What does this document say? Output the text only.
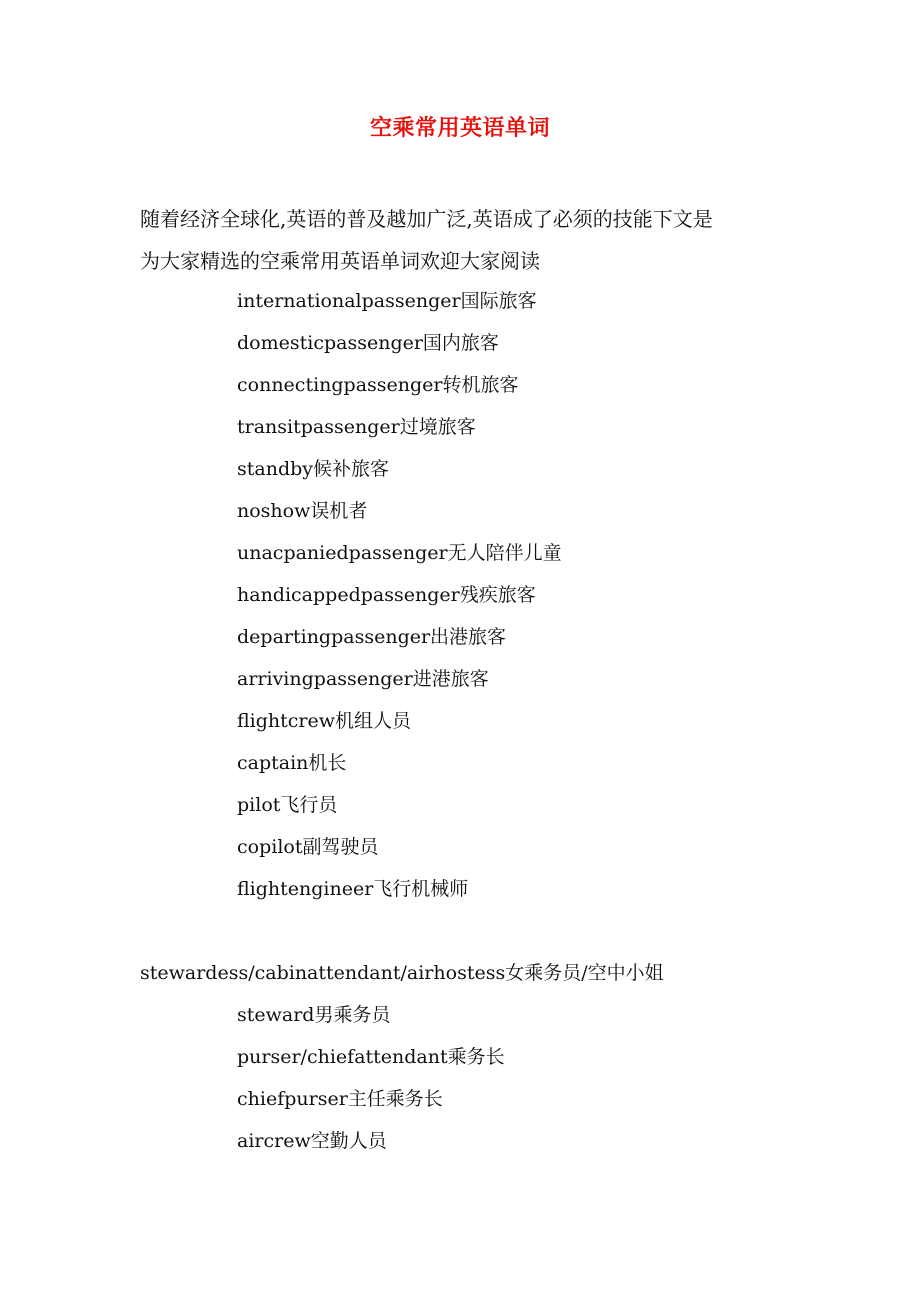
空乘常用英语单词

随着经济全球化,英语的普及越加广泛,英语成了必须的技能下文是
为大家精选的空乘常用英语单词欢迎大家阅读

internationalpassenger国际旅客
domesticpassenger国内旅客
connectingpassenger转机旅客
transitpassenger过境旅客
standby候补旅客
noshow误机者
unacpaniedpassenger无人陪伴儿童
handicappedpassenger残疾旅客
departingpassenger出港旅客
arrivingpassenger进港旅客
flightcrew机组人员
captain机长
pilot飞行员
copilot副驾驶员
flightengineer飞行机械师
stewardess/cabinattendant/airhostess女乘务员/空中小姐
steward男乘务员
purser/chiefattendant乘务长
chiefpurser主任乘务长
aircrew空勤人员
